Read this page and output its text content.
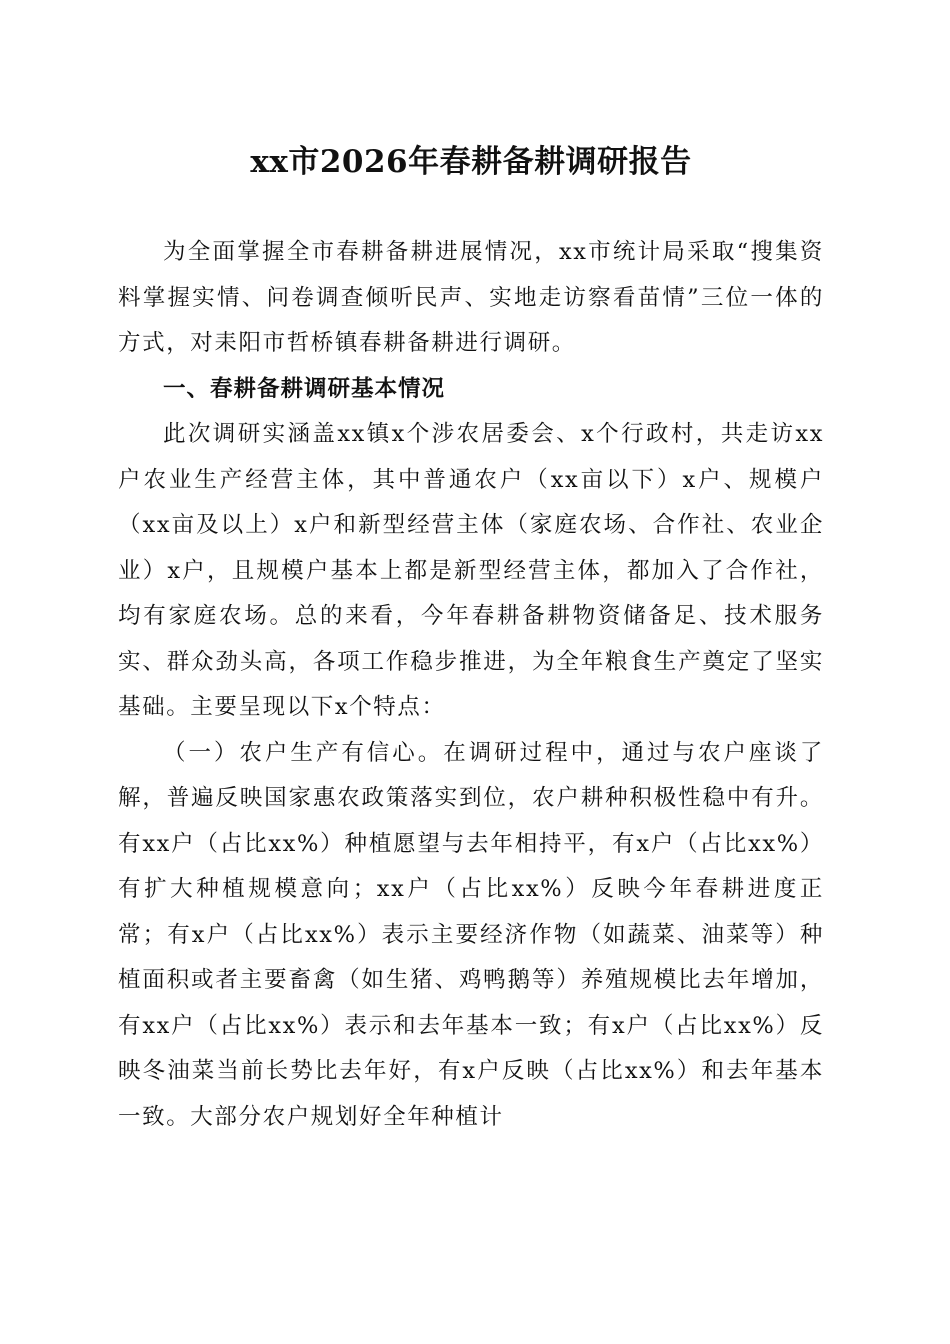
xx市2026年春耕备耕调研报告

为全面掌握全市春耕备耕进展情况，xx市统计局采取“搜集资料掌握实情、问卷调查倾听民声、实地走访察看苗情”三位一体的方式，对耒阳市哲桥镇春耕备耕进行调研。

一、春耕备耕调研基本情况

此次调研实涵盖xx镇x个涉农居委会、x个行政村，共走访xx户农业生产经营主体，其中普通农户（xx亩以下）x户、规模户（xx亩及以上）x户和新型经营主体（家庭农场、合作社、农业企业）x户，且规模户基本上都是新型经营主体，都加入了合作社，均有家庭农场。总的来看，今年春耕备耕物资储备足、技术服务实、群众劲头高，各项工作稳步推进，为全年粮食生产奠定了坚实基础。主要呈现以下x个特点：

（一）农户生产有信心。在调研过程中，通过与农户座谈了解，普遍反映国家惠农政策落实到位，农户耕种积极性稳中有升。有xx户（占比xx%）种植愿望与去年相持平，有x户（占比xx%）有扩大种植规模意向；xx户（占比xx%）反映今年春耕进度正常；有x户（占比xx%）表示主要经济作物（如蔬菜、油菜等）种植面积或者主要畜禽（如生猪、鸡鸭鹅等）养殖规模比去年增加，有xx户（占比xx%）表示和去年基本一致；有x户（占比xx%）反映冬油菜当前长势比去年好，有x户反映（占比xx%）和去年基本一致。大部分农户规划好全年种植计
